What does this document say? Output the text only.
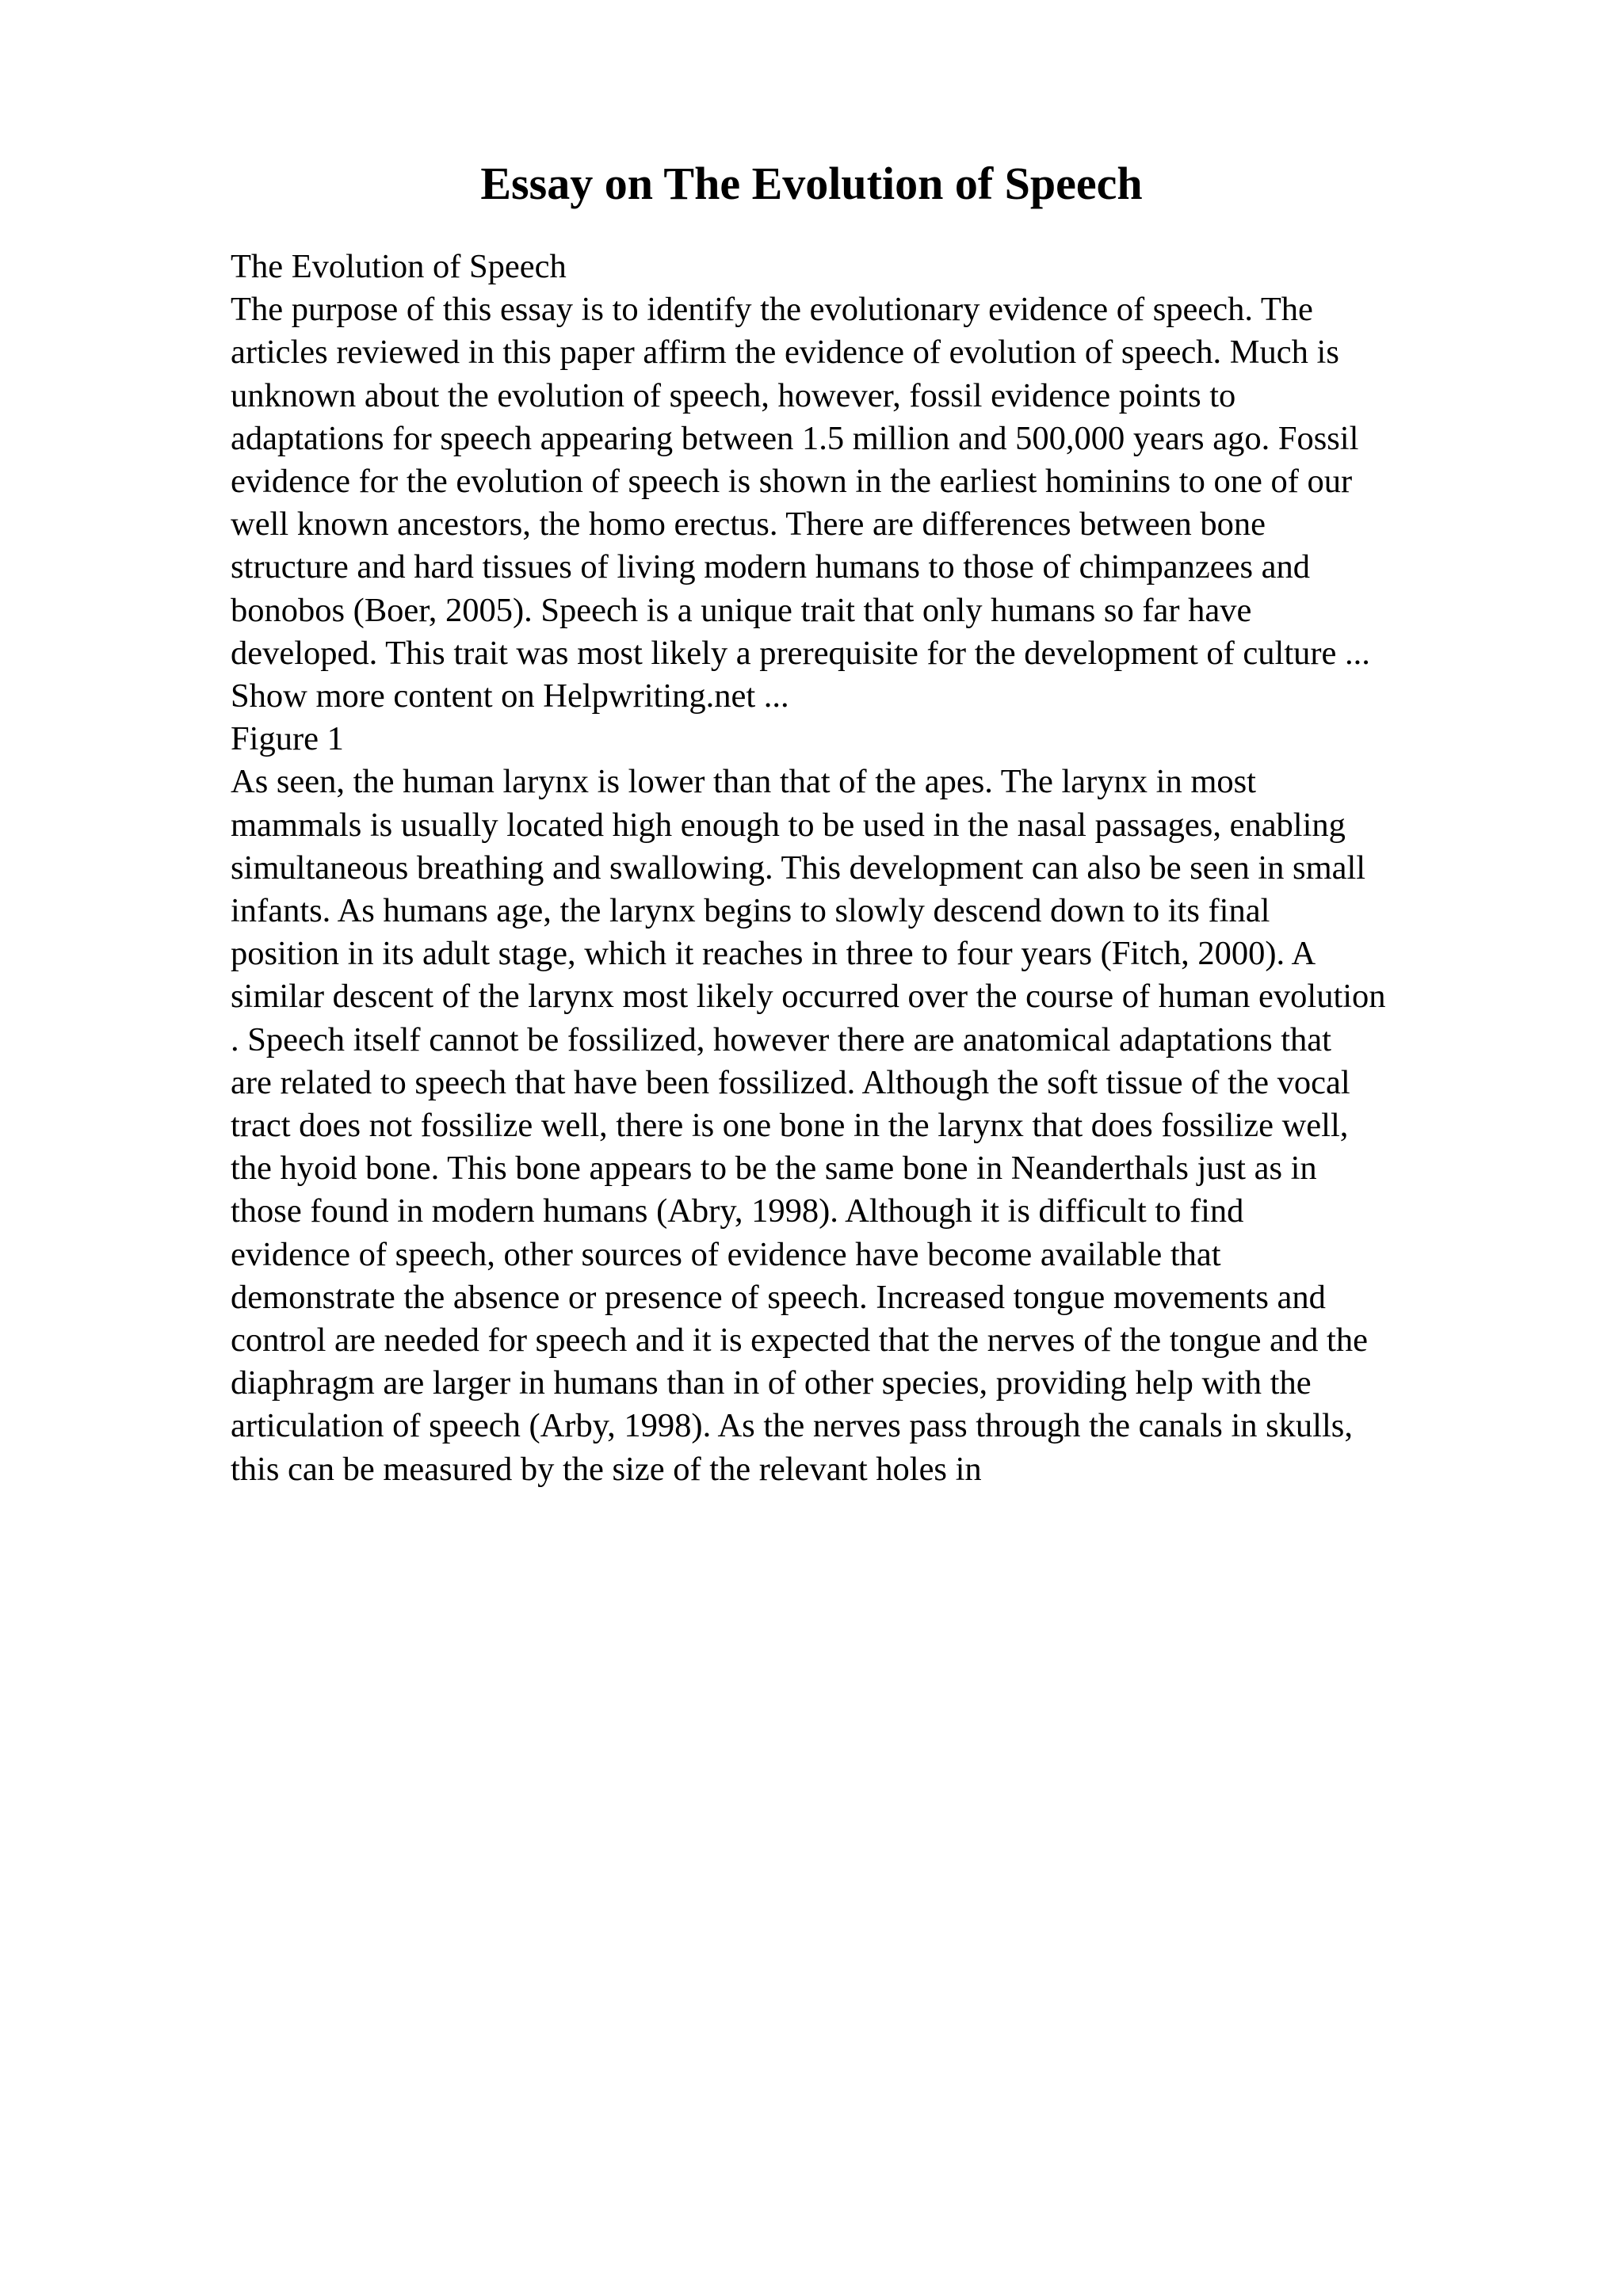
Essay on The Evolution of Speech
The Evolution of Speech
The purpose of this essay is to identify the evolutionary evidence of speech. The
articles reviewed in this paper affirm the evidence of evolution of speech. Much is
unknown about the evolution of speech, however, fossil evidence points to
adaptations for speech appearing between 1.5 million and 500,000 years ago. Fossil
evidence for the evolution of speech is shown in the earliest hominins to one of our
well known ancestors, the homo erectus. There are differences between bone
structure and hard tissues of living modern humans to those of chimpanzees and
bonobos (Boer, 2005). Speech is a unique trait that only humans so far have
developed. This trait was most likely a prerequisite for the development of culture ...
Show more content on Helpwriting.net ...
Figure 1
As seen, the human larynx is lower than that of the apes. The larynx in most
mammals is usually located high enough to be used in the nasal passages, enabling
simultaneous breathing and swallowing. This development can also be seen in small
infants. As humans age, the larynx begins to slowly descend down to its final
position in its adult stage, which it reaches in three to four years (Fitch, 2000). A
similar descent of the larynx most likely occurred over the course of human evolution
. Speech itself cannot be fossilized, however there are anatomical adaptations that
are related to speech that have been fossilized. Although the soft tissue of the vocal
tract does not fossilize well, there is one bone in the larynx that does fossilize well,
the hyoid bone. This bone appears to be the same bone in Neanderthals just as in
those found in modern humans (Abry, 1998). Although it is difficult to find
evidence of speech, other sources of evidence have become available that
demonstrate the absence or presence of speech. Increased tongue movements and
control are needed for speech and it is expected that the nerves of the tongue and the
diaphragm are larger in humans than in of other species, providing help with the
articulation of speech (Arby, 1998). As the nerves pass through the canals in skulls,
this can be measured by the size of the relevant holes in
